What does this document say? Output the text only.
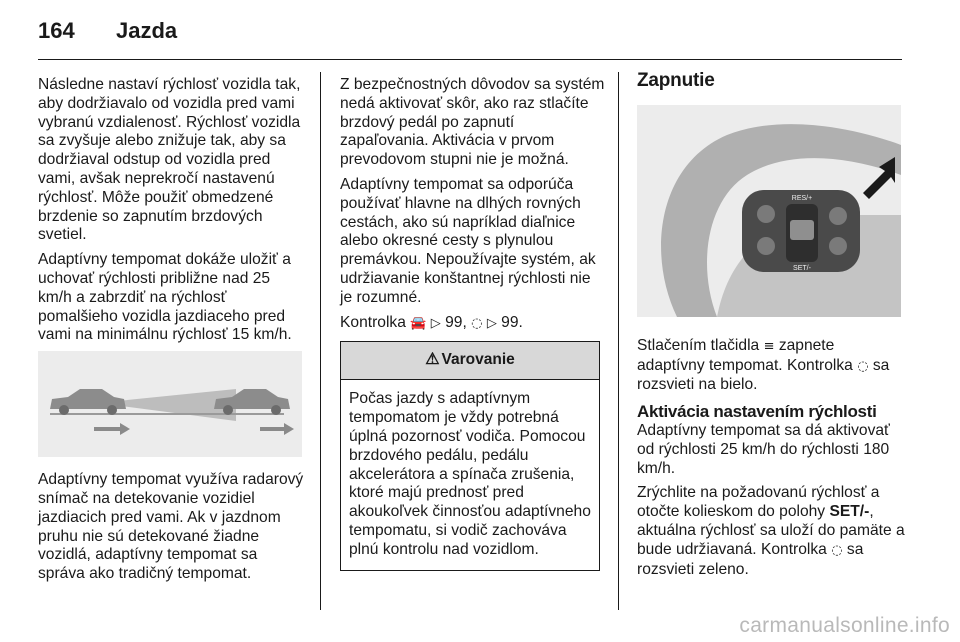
164	Jazda

Následne nastaví rýchlosť vozidla tak, aby dodržiavalo od vozidla pred vami vybranú vzdialenosť. Rýchlosť vozidla sa zvyšuje alebo znižuje tak, aby sa dodržiaval odstup od vozidla pred vami, avšak neprekročí nastavenú rýchlosť. Môže použiť obmedzené brzdenie so zapnutím brzdových svetiel.

Adaptívny tempomat dokáže uložiť a uchovať rýchlosti približne nad 25 km/h a zabrzdiť na rýchlosť pomalšieho vozidla jazdiaceho pred vami na minimálnu rýchlosť 15 km/h.

Adaptívny tempomat využíva radarový snímač na detekovanie vozidiel jazdiacich pred vami. Ak v jazdnom pruhu nie sú detekované žiadne vozidlá, adaptívny tempomat sa správa ako tradičný tempomat.

Z bezpečnostných dôvodov sa systém nedá aktivovať skôr, ako raz stlačíte brzdový pedál po zapnutí zapaľovania. Aktivácia v prvom prevodovom stupni nie je možná.

Adaptívny tempomat sa odporúča používať hlavne na dlhých rovných cestách, ako sú napríklad diaľnice alebo okresné cesty s plynulou premávkou. Nepoužívajte systém, ak udržiavanie konštantnej rýchlosti nie je rozumné.

Kontrolka 🚘 ▷ 99, ◌ ▷ 99.

⚠ Varovanie
Počas jazdy s adaptívnym tempomatom je vždy potrebná úplná pozornosť vodiča. Pomocou brzdového pedálu, pedálu akcelerátora a spínača zrušenia, ktoré majú prednosť pred akoukoľvek činnosťou adaptívneho tempomatu, si vodič zachováva plnú kontrolu nad vozidlom.
Zapnutie
RES/+
SET/-

Stlačením tlačidla ≡ zapnete adaptívny tempomat. Kontrolka ◌ sa rozsvieti na bielo.

Aktivácia nastavením rýchlosti

Adaptívny tempomat sa dá aktivovať od rýchlosti 25 km/h do rýchlosti 180 km/h.

Zrýchlite na požadovanú rýchlosť a otočte kolieskom do polohy SET/-, aktuálna rýchlosť sa uloží do pamäte a bude udržiavaná. Kontrolka ◌ sa rozsvieti zeleno.

carmanualsonline.info
